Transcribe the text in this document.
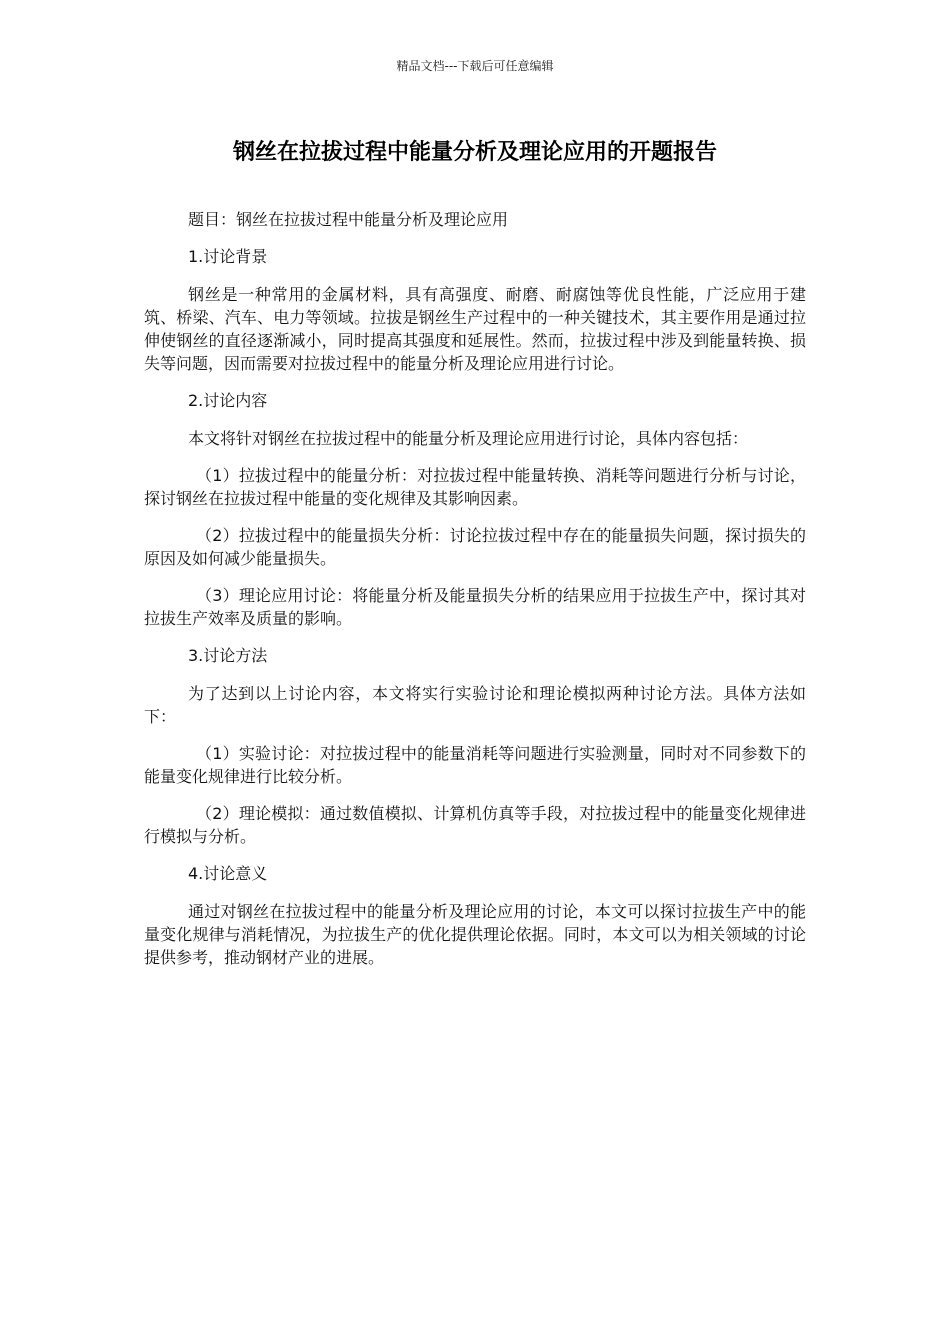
精品文档---下载后可任意编辑
钢丝在拉拔过程中能量分析及理论应用的开题报告

题目：钢丝在拉拔过程中能量分析及理论应用

1.讨论背景

钢丝是一种常用的金属材料，具有高强度、耐磨、耐腐蚀等优良性能，广泛应用于建筑、桥梁、汽车、电力等领域。拉拔是钢丝生产过程中的一种关键技术，其主要作用是通过拉伸使钢丝的直径逐渐减小，同时提高其强度和延展性。然而，拉拔过程中涉及到能量转换、损失等问题，因而需要对拉拔过程中的能量分析及理论应用进行讨论。

2.讨论内容

本文将针对钢丝在拉拔过程中的能量分析及理论应用进行讨论，具体内容包括：

（1）拉拔过程中的能量分析：对拉拔过程中能量转换、消耗等问题进行分析与讨论，探讨钢丝在拉拔过程中能量的变化规律及其影响因素。

（2）拉拔过程中的能量损失分析：讨论拉拔过程中存在的能量损失问题，探讨损失的原因及如何减少能量损失。

（3）理论应用讨论：将能量分析及能量损失分析的结果应用于拉拔生产中，探讨其对拉拔生产效率及质量的影响。

3.讨论方法

为了达到以上讨论内容，本文将实行实验讨论和理论模拟两种讨论方法。具体方法如下：

（1）实验讨论：对拉拔过程中的能量消耗等问题进行实验测量，同时对不同参数下的能量变化规律进行比较分析。

（2）理论模拟：通过数值模拟、计算机仿真等手段，对拉拔过程中的能量变化规律进行模拟与分析。

4.讨论意义

通过对钢丝在拉拔过程中的能量分析及理论应用的讨论，本文可以探讨拉拔生产中的能量变化规律与消耗情况，为拉拔生产的优化提供理论依据。同时，本文可以为相关领域的讨论提供参考，推动钢材产业的进展。
